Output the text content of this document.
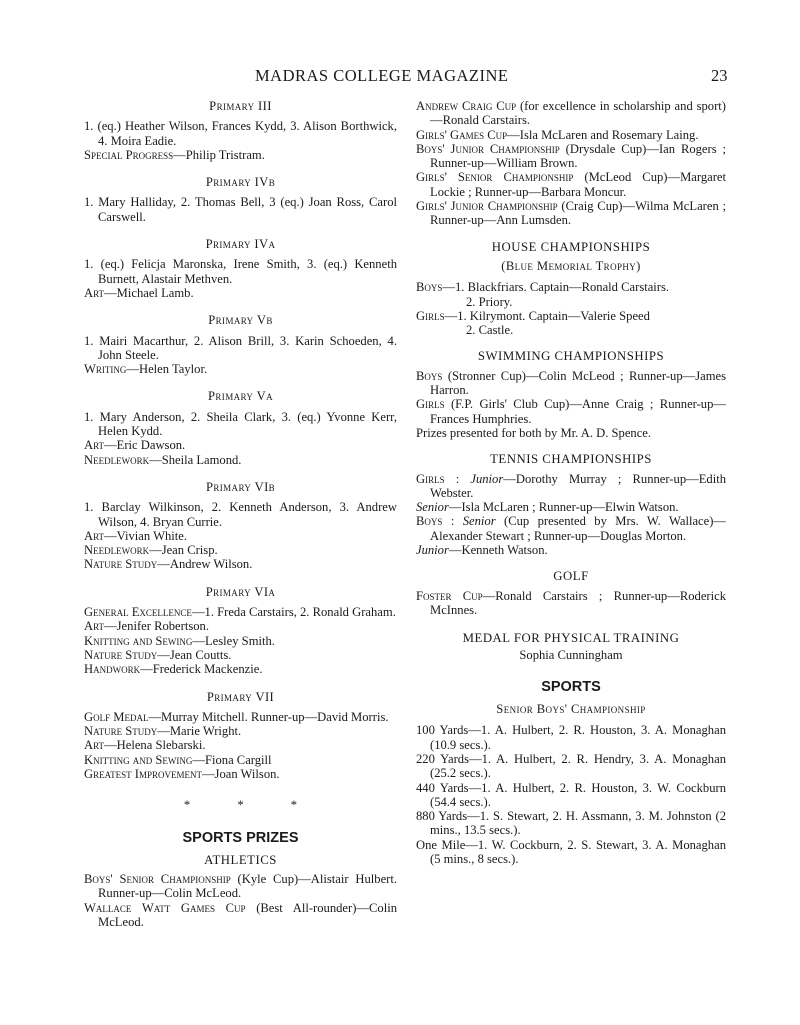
MADRAS COLLEGE MAGAZINE	23
Primary III
1. (eq.) Heather Wilson, Frances Kydd, 3. Alison Borthwick, 4. Moira Eadie.
Special Progress—Philip Tristram.
Primary IVb
1. Mary Halliday, 2. Thomas Bell, 3 (eq.) Joan Ross, Carol Carswell.
Primary IVa
1. (eq.) Felicja Maronska, Irene Smith, 3. (eq.) Kenneth Burnett, Alastair Methven.
Art—Michael Lamb.
Primary Vb
1. Mairi Macarthur, 2. Alison Brill, 3. Karin Schoeden, 4. John Steele.
Writing—Helen Taylor.
Primary Va
1. Mary Anderson, 2. Sheila Clark, 3. (eq.) Yvonne Kerr, Helen Kydd.
Art—Eric Dawson.
Needlework—Sheila Lamond.
Primary VIb
1. Barclay Wilkinson, 2. Kenneth Anderson, 3. Andrew Wilson, 4. Bryan Currie.
Art—Vivian White.
Needlework—Jean Crisp.
Nature Study—Andrew Wilson.
Primary VIa
General Excellence—1. Freda Carstairs, 2. Ronald Graham.
Art—Jenifer Robertson.
Knitting and Sewing—Lesley Smith.
Nature Study—Jean Coutts.
Handwork—Frederick Mackenzie.
Primary VII
Golf Medal—Murray Mitchell. Runner-up—David Morris.
Nature Study—Marie Wright.
Art—Helena Slebarski.
Knitting and Sewing—Fiona Cargill
Greatest Improvement—Joan Wilson.
* * *
SPORTS PRIZES
ATHLETICS
Boys' Senior Championship (Kyle Cup)—Alistair Hulbert. Runner-up—Colin McLeod.
Wallace Watt Games Cup (Best All-rounder)—Colin McLeod.
Andrew Craig Cup (for excellence in scholarship and sport)—Ronald Carstairs.
Girls' Games Cup—Isla McLaren and Rosemary Laing.
Boys' Junior Championship (Drysdale Cup)—Ian Rogers ; Runner-up—William Brown.
Girls' Senior Championship (McLeod Cup)—Margaret Lockie ; Runner-up—Barbara Moncur.
Girls' Junior Championship (Craig Cup)—Wilma McLaren ; Runner-up—Ann Lumsden.
HOUSE CHAMPIONSHIPS
(Blue Memorial Trophy)
Boys—1. Blackfriars. Captain—Ronald Carstairs.
2. Priory.
Girls—1. Kilrymont. Captain—Valerie Speed
2. Castle.
SWIMMING CHAMPIONSHIPS
Boys (Stronner Cup)—Colin McLeod ; Runner-up—James Harron.
Girls (F.P. Girls' Club Cup)—Anne Craig ; Runner-up—Frances Humphries.
Prizes presented for both by Mr. A. D. Spence.
TENNIS CHAMPIONSHIPS
Girls : Junior—Dorothy Murray ; Runner-up—Edith Webster.
Senior—Isla McLaren ; Runner-up—Elwin Watson.
Boys : Senior (Cup presented by Mrs. W. Wallace)—Alexander Stewart ; Runner-up—Douglas Morton.
Junior—Kenneth Watson.
GOLF
Foster Cup—Ronald Carstairs ; Runner-up—Roderick McInnes.
MEDAL FOR PHYSICAL TRAINING
Sophia Cunningham
SPORTS
Senior Boys' Championship
100 Yards—1. A. Hulbert, 2. R. Houston, 3. A. Monaghan (10.9 secs.).
220 Yards—1. A. Hulbert, 2. R. Hendry, 3. A. Monaghan (25.2 secs.).
440 Yards—1. A. Hulbert, 2. R. Houston, 3. W. Cockburn (54.4 secs.).
880 Yards—1. S. Stewart, 2. H. Assmann, 3. M. Johnston (2 mins., 13.5 secs.).
One Mile—1. W. Cockburn, 2. S. Stewart, 3. A. Monaghan (5 mins., 8 secs.).
